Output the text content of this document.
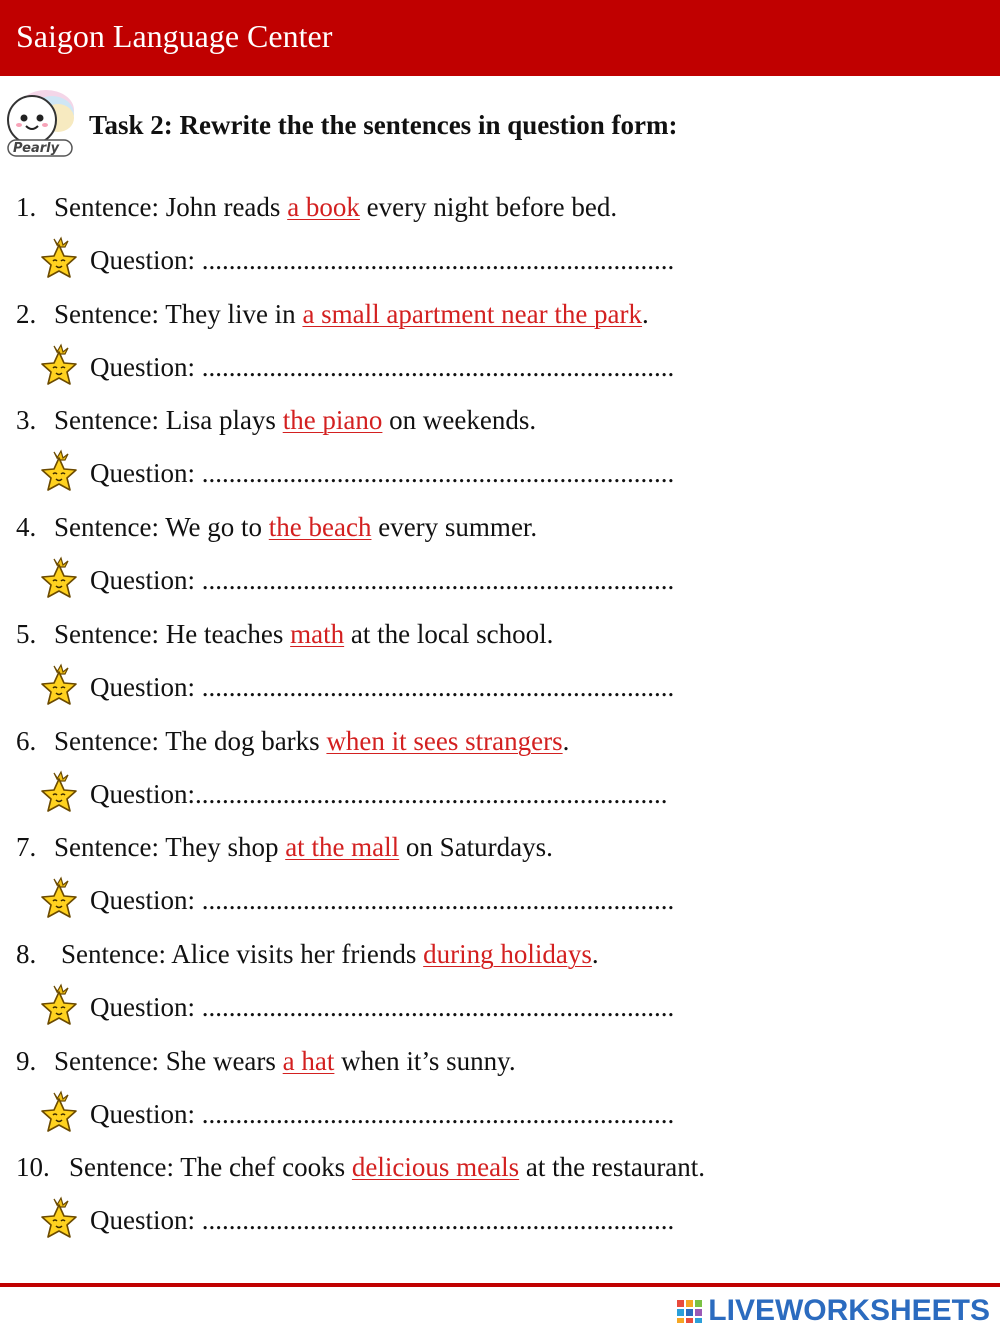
Saigon Language Center
Pearly
Task 2: Rewrite the the sentences in question form:
1. Sentence: John reads a book every night before bed.
Question: ......................................................................
2. Sentence: They live in a small apartment near the park.
Question: ......................................................................
3. Sentence: Lisa plays the piano on weekends.
Question: ......................................................................
4. Sentence: We go to the beach every summer.
Question: ......................................................................
5. Sentence: He teaches math at the local school.
Question: ......................................................................
6. Sentence: The dog barks when it sees strangers.
Question:......................................................................
7. Sentence: They shop at the mall on Saturdays.
Question: ......................................................................
8. Sentence: Alice visits her friends during holidays.
Question: ......................................................................
9. Sentence: She wears a hat when it’s sunny.
Question: ......................................................................
10. Sentence: The chef cooks delicious meals at the restaurant.
Question: ......................................................................
LIVEWORKSHEETS
